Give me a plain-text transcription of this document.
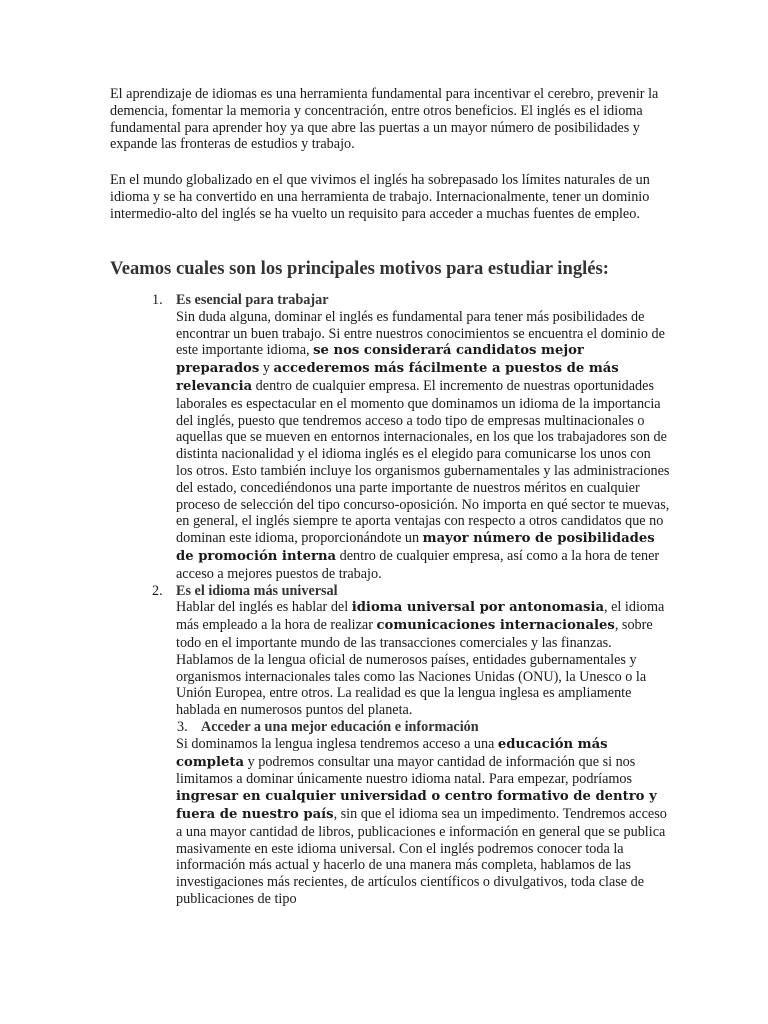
El aprendizaje de idiomas es una herramienta fundamental para incentivar el cerebro, prevenir la demencia, fomentar la memoria y concentración, entre otros beneficios. El inglés es el idioma fundamental para aprender hoy ya que abre las puertas a un mayor número de posibilidades y expande las fronteras de estudios y trabajo.

En el mundo globalizado en el que vivimos el inglés ha sobrepasado los límites naturales de un idioma y se ha convertido en una herramienta de trabajo. Internacionalmente, tener un dominio intermedio-alto del inglés se ha vuelto un requisito para acceder a muchas fuentes de empleo.

Veamos cuales son los principales motivos para estudiar inglés:
1. Es esencial para trabajar
Sin duda alguna, dominar el inglés es fundamental para tener más posibilidades de encontrar un buen trabajo. Si entre nuestros conocimientos se encuentra el dominio de este importante idioma, se nos considerará candidatos mejor preparados y accederemos más fácilmente a puestos de más relevancia dentro de cualquier empresa. El incremento de nuestras oportunidades laborales es espectacular en el momento que dominamos un idioma de la importancia del inglés, puesto que tendremos acceso a todo tipo de empresas multinacionales o aquellas que se mueven en entornos internacionales, en los que los trabajadores son de distinta nacionalidad y el idioma inglés es el elegido para comunicarse los unos con los otros. Esto también incluye los organismos gubernamentales y las administraciones del estado, concediéndonos una parte importante de nuestros méritos en cualquier proceso de selección del tipo concurso-oposición. No importa en qué sector te muevas, en general, el inglés siempre te aporta ventajas con respecto a otros candidatos que no dominan este idioma, proporcionándote un mayor número de posibilidades de promoción interna dentro de cualquier empresa, así como a la hora de tener acceso a mejores puestos de trabajo.
2. Es el idioma más universal
Hablar del inglés es hablar del idioma universal por antonomasia, el idioma más empleado a la hora de realizar comunicaciones internacionales, sobre todo en el importante mundo de las transacciones comerciales y las finanzas. Hablamos de la lengua oficial de numerosos países, entidades gubernamentales y organismos internacionales tales como las Naciones Unidas (ONU), la Unesco o la Unión Europea, entre otros. La realidad es que la lengua inglesa es ampliamente hablada en numerosos puntos del planeta.
3. Acceder a una mejor educación e información
Si dominamos la lengua inglesa tendremos acceso a una educación más completa y podremos consultar una mayor cantidad de información que si nos limitamos a dominar únicamente nuestro idioma natal. Para empezar, podríamos ingresar en cualquier universidad o centro formativo de dentro y fuera de nuestro país, sin que el idioma sea un impedimento. Tendremos acceso a una mayor cantidad de libros, publicaciones e información en general que se publica masivamente en este idioma universal. Con el inglés podremos conocer toda la información más actual y hacerlo de una manera más completa, hablamos de las investigaciones más recientes, de artículos científicos o divulgativos, toda clase de publicaciones de tipo
